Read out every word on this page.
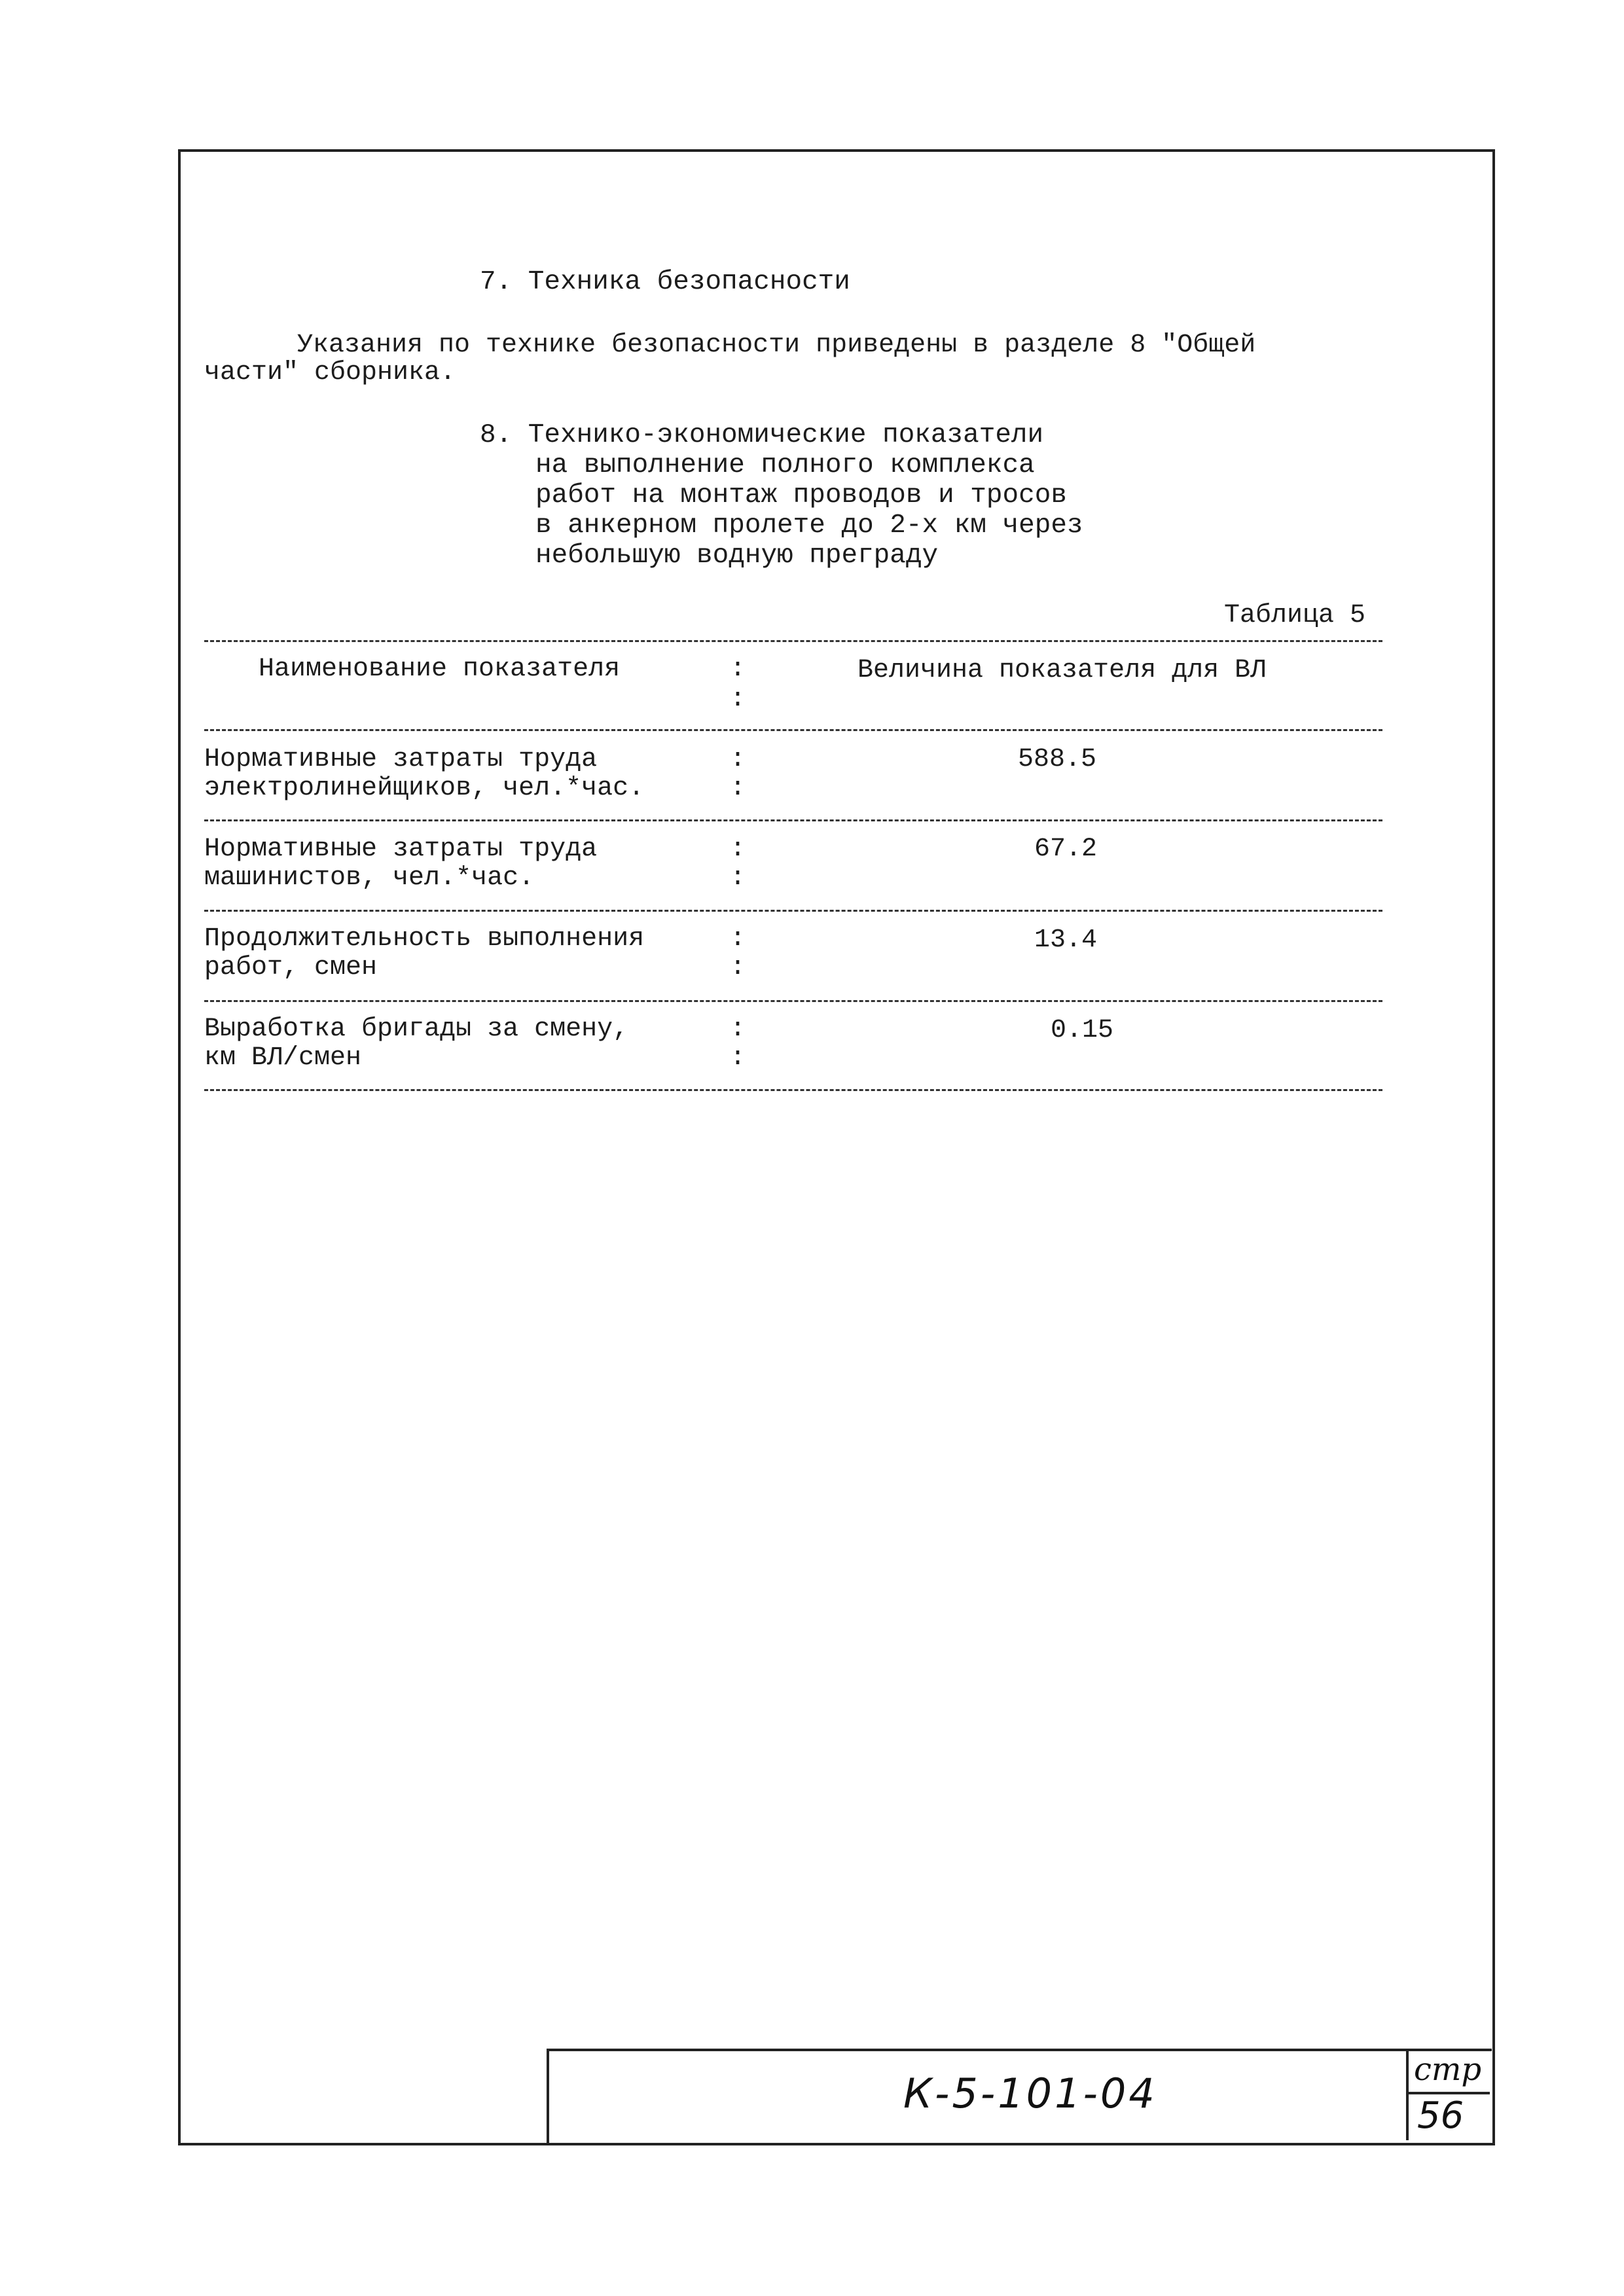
7. Техника безопасности
Указания по технике безопасности приведены в разделе 8 "Общей
части" сборника.
8. Технико-экономические показатели
на выполнение полного комплекса
работ на монтаж проводов и тросов
в анкерном пролете до 2-х км через
небольшую водную преграду
Таблица 5
Наименование показателя	:
:
Величина показателя для ВЛ
Нормативные затраты труда
электролинейщиков, чел.*час.
:
:
588.5
Нормативные затраты труда
машинистов, чел.*час.
:
:
67.2
Продолжительность выполнения
работ, смен
:
:
13.4
Выработка бригады за смену,
км ВЛ/смен
:
:
0.15
К-5-101-04	стр
56
